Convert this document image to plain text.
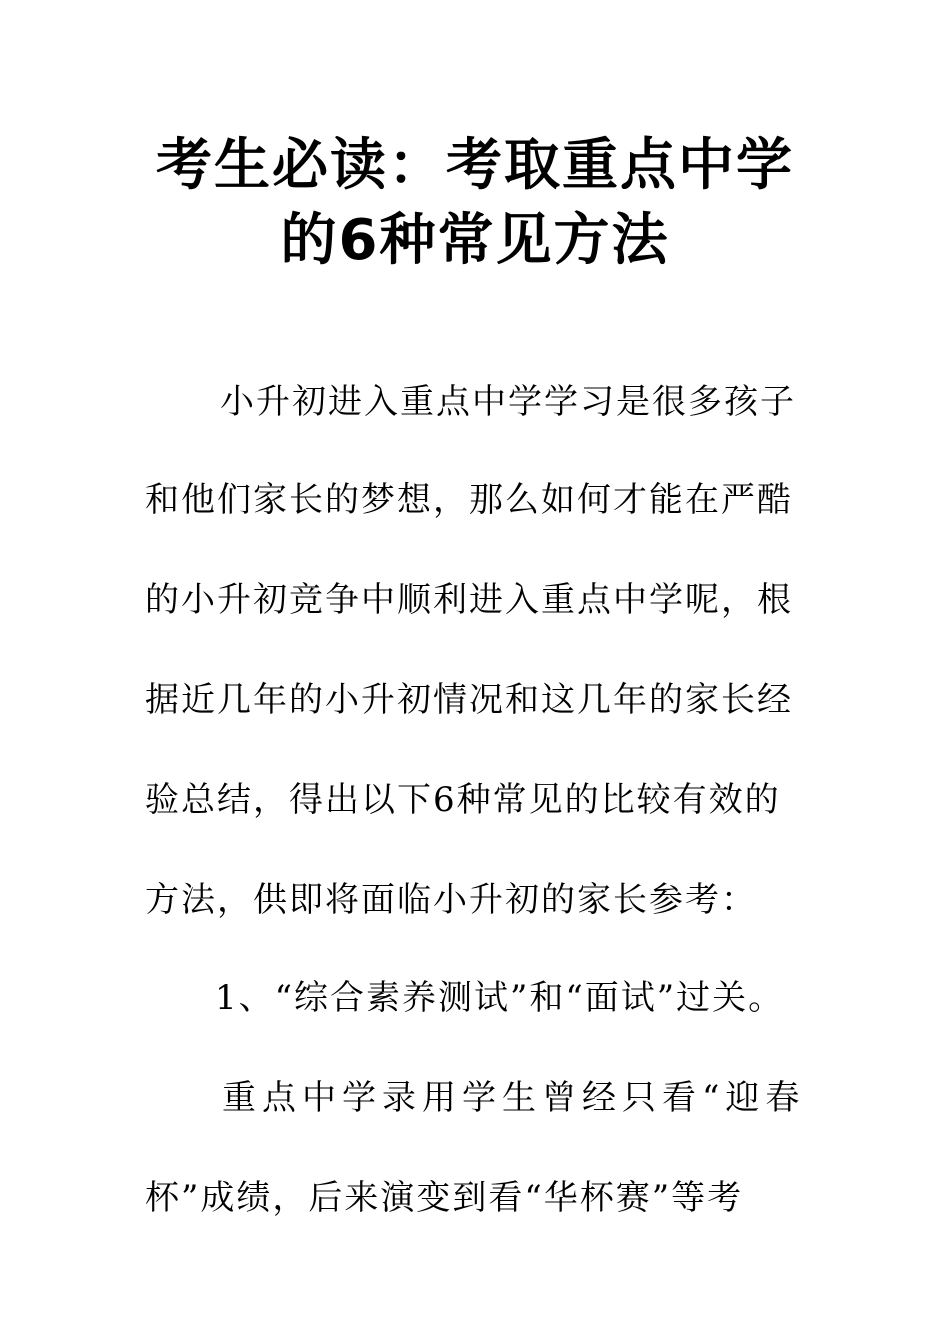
考生必读：考取重点中学
的6种常见方法

小升初进入重点中学学习是很多孩子

和他们家长的梦想，那么如何才能在严酷

的小升初竞争中顺利进入重点中学呢，根

据近几年的小升初情况和这几年的家长经

验总结，得出以下6种常见的比较有效的

方法，供即将面临小升初的家长参考：

1、“综合素养测试”和“面试”过关。

重点中学录用学生曾经只看“迎春

杯”成绩，后来演变到看“华杯赛”等考
